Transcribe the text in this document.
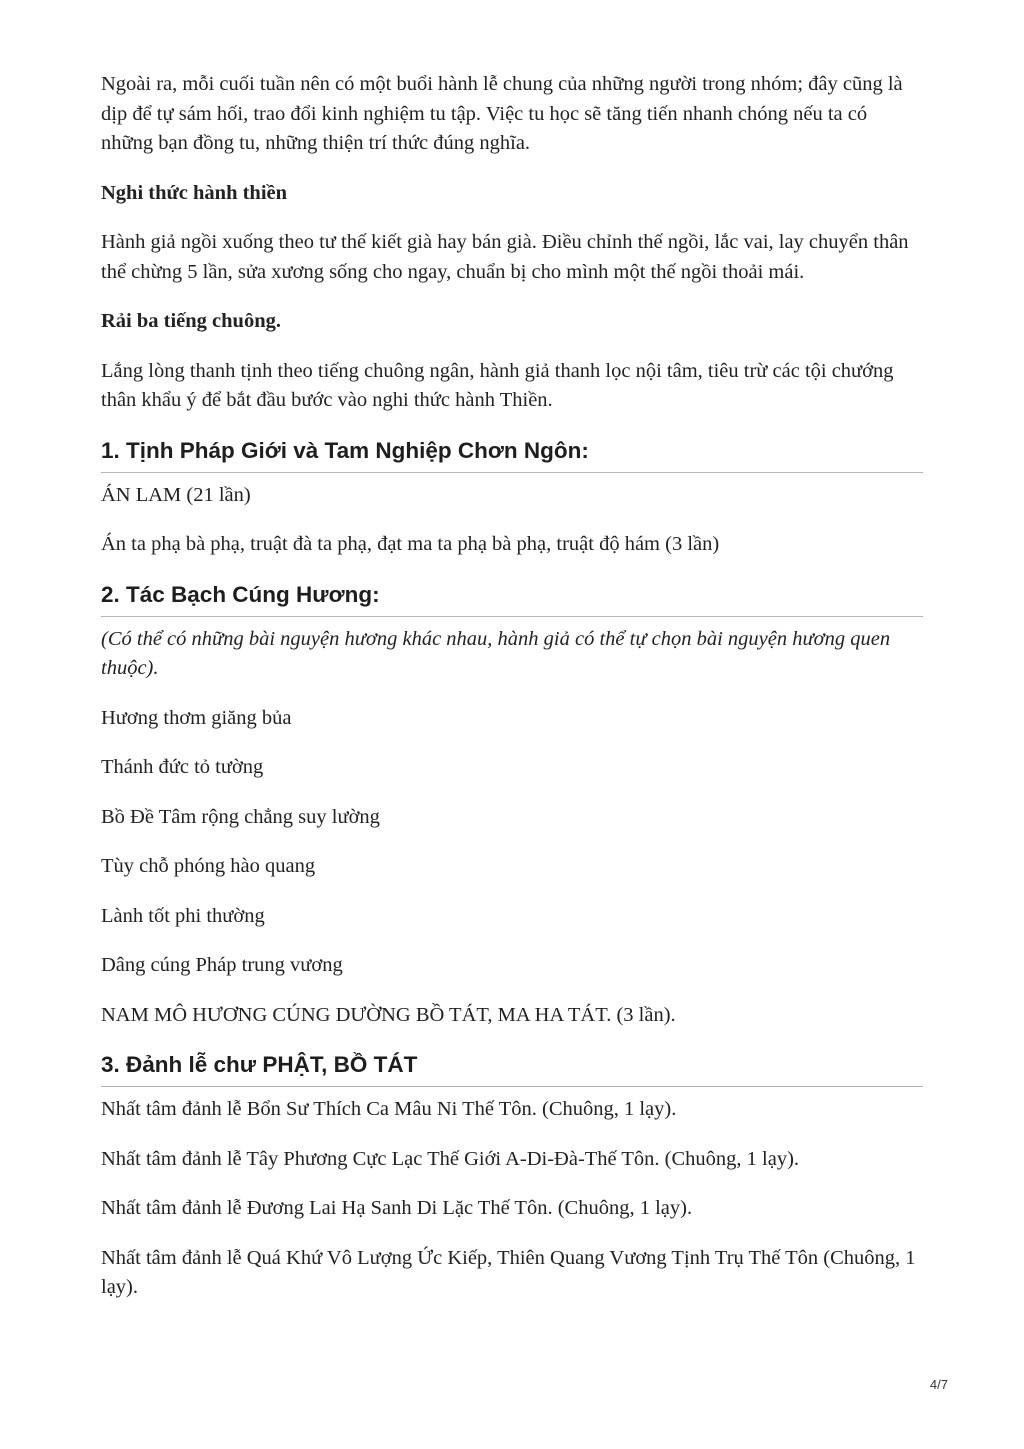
Ngoài ra, mỗi cuối tuần nên có một buổi hành lễ chung của những người trong nhóm; đây cũng là dịp để tự sám hối, trao đổi kinh nghiệm tu tập. Việc tu học sẽ tăng tiến nhanh chóng nếu ta có những bạn đồng tu, những thiện trí thức đúng nghĩa.

Nghi thức hành thiền

Hành giả ngồi xuống theo tư thế kiết già hay bán già. Điều chỉnh thế ngồi, lắc vai, lay chuyển thân thể chừng 5 lần, sửa xương sống cho ngay, chuẩn bị cho mình một thế ngồi thoải mái.

Rải ba tiếng chuông.

Lắng lòng thanh tịnh theo tiếng chuông ngân, hành giả thanh lọc nội tâm, tiêu trừ các tội chướng thân khẩu ý để bắt đầu bước vào nghi thức hành Thiền.

1. Tịnh Pháp Giới và Tam Nghiệp Chơn Ngôn:

ÁN LAM (21 lần)

Án ta phạ bà phạ, truật đà ta phạ, đạt ma ta phạ bà phạ, truật độ hám (3 lần)

2. Tác Bạch Cúng Hương:

(Có thể có những bài nguyện hương khác nhau, hành giả có thể tự chọn bài nguyện hương quen thuộc).

Hương thơm giăng bủa

Thánh đức tỏ tường

Bồ Đề Tâm rộng chẳng suy lường

Tùy chỗ phóng hào quang

Lành tốt phi thường

Dâng cúng Pháp trung vương

NAM MÔ HƯƠNG CÚNG DƯỜNG BỒ TÁT, MA HA TÁT. (3 lần).

3. Đảnh lễ chư PHẬT, BỒ TÁT

Nhất tâm đảnh lễ Bổn Sư Thích Ca Mâu Ni Thế Tôn. (Chuông, 1 lạy).

Nhất tâm đảnh lễ Tây Phương Cực Lạc Thế Giới A-Di-Đà-Thế Tôn. (Chuông, 1 lạy).

Nhất tâm đảnh lễ Đương Lai Hạ Sanh Di Lặc Thế Tôn. (Chuông, 1 lạy).

Nhất tâm đảnh lễ Quá Khứ Vô Lượng Ức Kiếp, Thiên Quang Vương Tịnh Trụ Thế Tôn (Chuông, 1 lạy).

4/7
